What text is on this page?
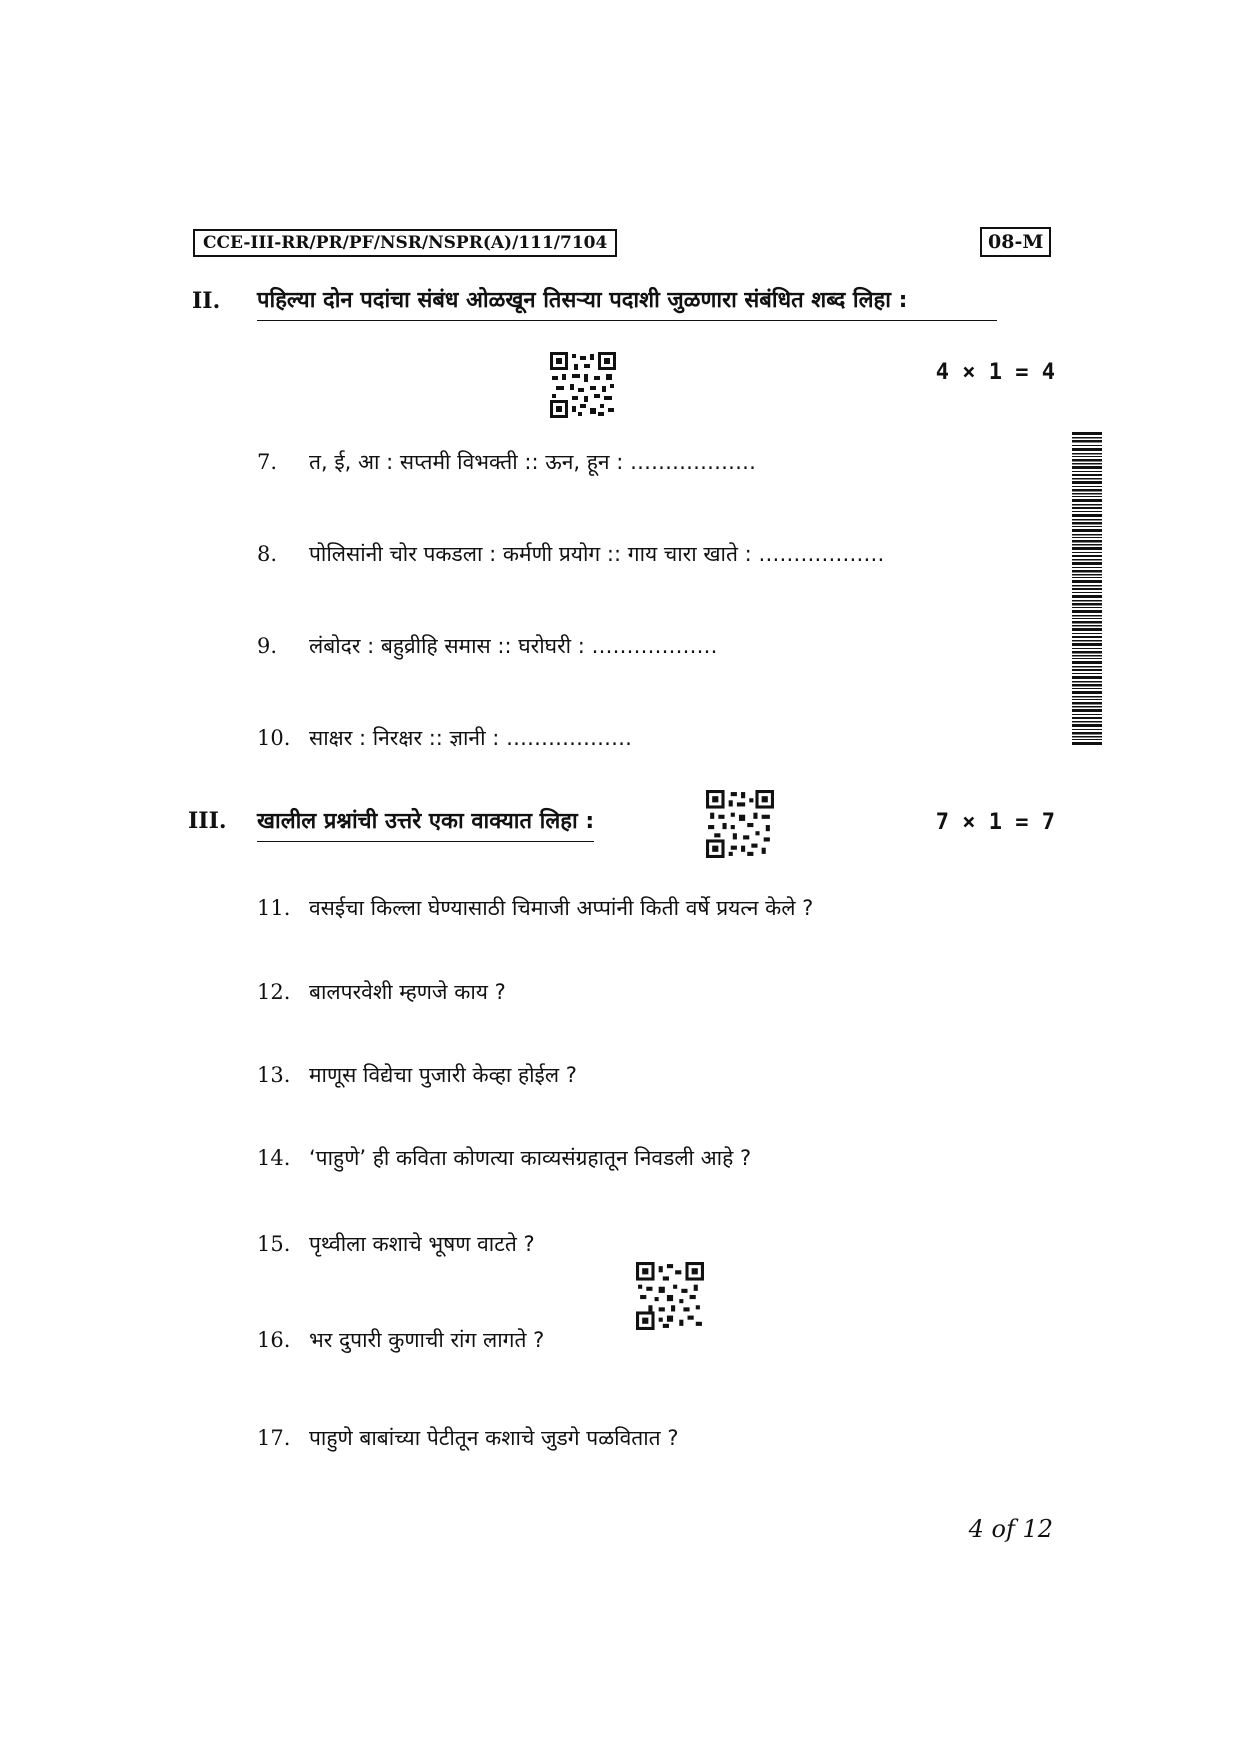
CCE-III-RR/PR/PF/NSR/NSPR(A)/111/7104	08-M
II. पहिल्या दोन पदांचा संबंध ओळखून तिसऱ्या पदाशी जुळणारा संबंधित शब्द लिहा :
4 × 1 = 4
7. त, ई, आ : सप्तमी विभक्ती :: ऊन, हून : ………………
8. पोलिसांनी चोर पकडला : कर्मणी प्रयोग :: गाय चारा खाते : ………………
9. लंबोदर : बहुव्रीहि समास :: घरोघरी : ………………
10. साक्षर : निरक्षर :: ज्ञानी : ………………
III. खालील प्रश्नांची उत्तरे एका वाक्यात लिहा :	7 × 1 = 7
11. वसईचा किल्ला घेण्यासाठी चिमाजी अप्पांनी किती वर्षे प्रयत्न केले ?
12. बालपरवेशी म्हणजे काय ?
13. माणूस विद्येचा पुजारी केव्हा होईल ?
14. ‘पाहुणे’ ही कविता कोणत्या काव्यसंग्रहातून निवडली आहे ?
15. पृथ्वीला कशाचे भूषण वाटते ?
16. भर दुपारी कुणाची रांग लागते ?
17. पाहुणे बाबांच्या पेटीतून कशाचे जुडगे पळवितात ?
4 of 12
